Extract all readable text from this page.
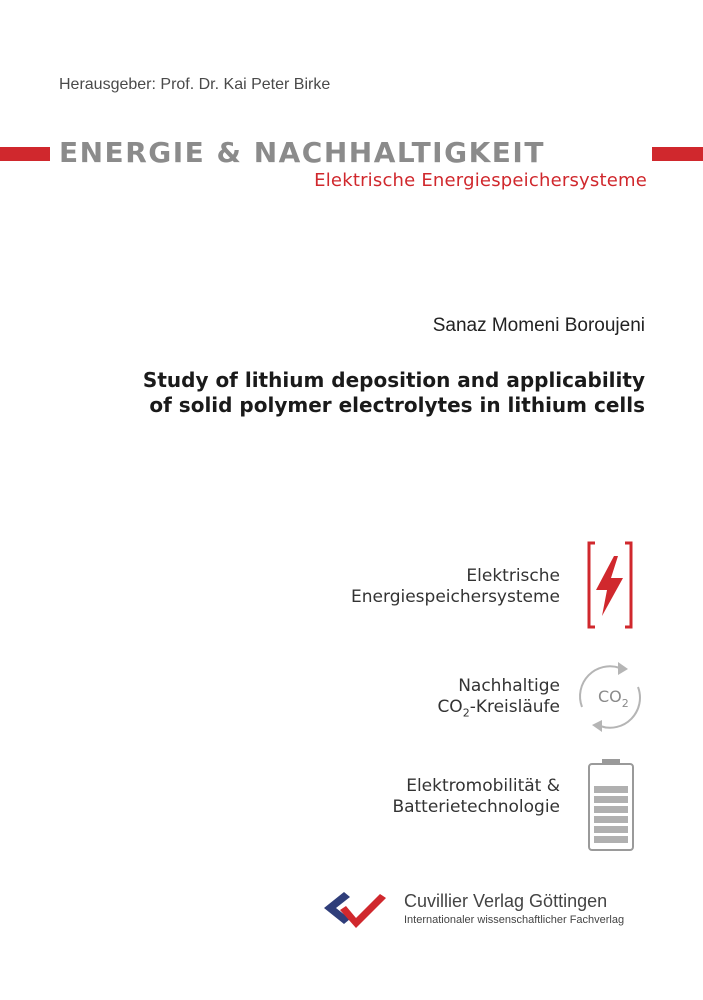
Herausgeber: Prof. Dr. Kai Peter Birke
ENERGIE & NACHHALTIGKEIT
Elektrische Energiespeichersysteme
Sanaz Momeni Boroujeni
Study of lithium deposition and applicability
of solid polymer electrolytes in lithium cells
Elektrische
Energiespeichersysteme
Nachhaltige
$CO_2$-Kreisläufe
$CO_2$
Elektromobilität &
Batterietechnologie
Cuvillier Verlag Göttingen
Internationaler wissenschaftlicher Fachverlag
